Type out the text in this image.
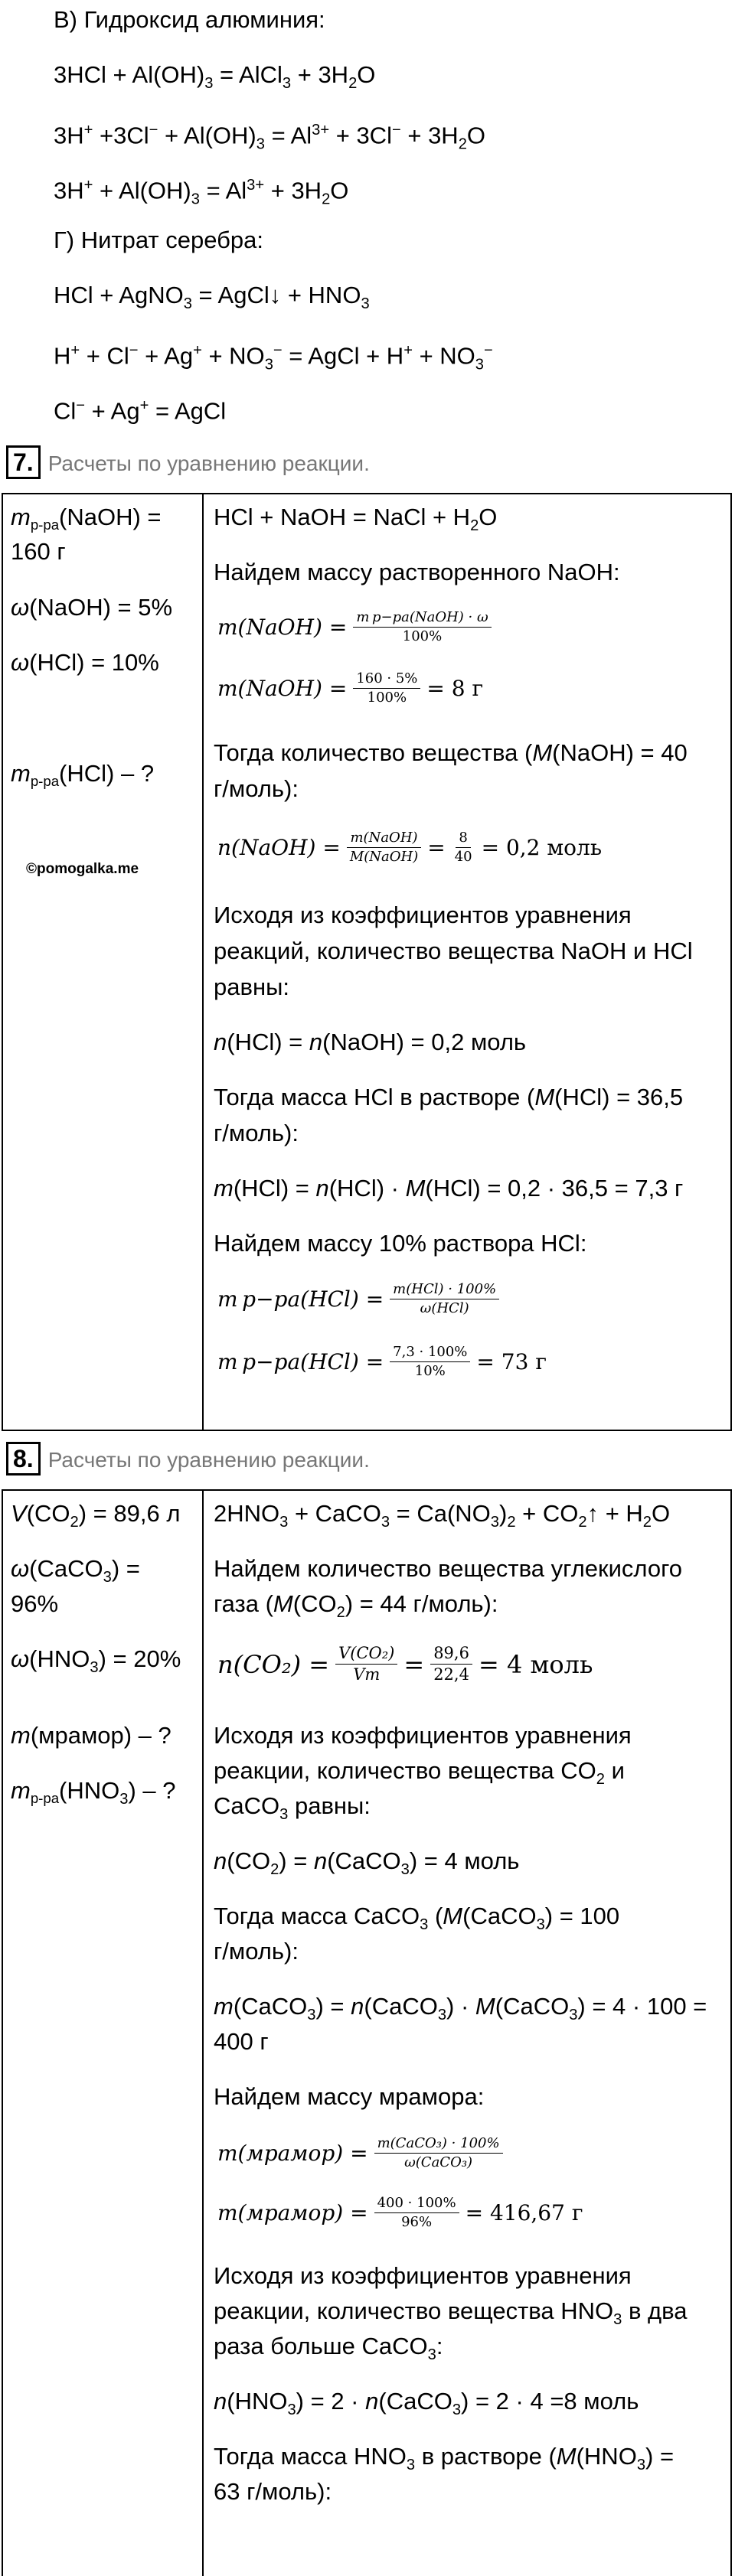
В) Гидроксид алюминия:
$3HCl + Al(OH)_3$ = AlCl$_3$ + $3H_2O$
$3H^+ +3Cl^- + Al(OH)_3 = Al^{3+} + 3Cl^- + 3H_2O$
$3H^+ + Al(OH)_3 = Al^{3+} + 3H_2O$
Г) Нитрат серебра:
HCl + AgNO$_3$ = AgCl↓ + $HNO_3$
$H^+ + Cl^- + Ag^+ + NO_3^-$ = AgCl + $H^+ + NO_3^-$
Cl− + Ag+ = AgCl
7. Расчеты по уравнению реакции.
mр-ра(NaOH) =
160 г
ω(NaOH) = 5%
ω(HCl) = 10%
mр-ра(HCl) – ?
©pomogalka.me
HCl + NaOH = NaCl + $H_2O$
Найдем массу растворенного NaOH:
m(NaOH) = $\frac{\text{m р−ра(NaOH) · ω}}{100\%}$
m(NaOH) = $\frac{160 \cdot 5\%}{100\%} = 8$ г
Тогда количество вещества (M(NaOH) = 40
г/моль):
n(NaOH) = $\frac{\text{m(NaOH)}}{\text{M(NaOH)}} = \frac{8}{40} = 0,2$ моль
Исходя из коэффициентов уравнения
реакций, количество вещества NaOH и HCl
равны:
n(HCl) = n(NaOH) = 0,2 моль
Тогда масса HCl в растворе (M(HCl) = 36,5
г/моль):
m(HCl) = n(HCl) · M(HCl) = 0,2 · 36,5 = 7,3 г
Найдем массу 10% раствора HCl:
m $р-ра(HCl) = \frac{\text{m(HCl) · 100\%}}{\text{ω(HCl)}}$
m $р-ра(HCl) = \frac{7,3 \cdot 100\%}{10\%} = 73$ г
8. Расчеты по уравнению реакции.
$V(CO_2) = 89,6$ л
ω(CaCO$_3$) =
96%
$\omega(HNO_3) = 20\%$
m(мрамор) – ?
$mр-ра(HNO_3)$ – ?
$2HNO_3$ + CaCO$_3$ = $Ca(NO_3)_2$ + $CO_2↑ + H_2O$
Найдем количество вещества углекислого
газа ($M(CO_2) = 44$ г/моль):
$n(CO_2) = \frac{\text{V(CO₂)}}{Vm} = \frac{89,6}{22,4} = 4$ моль
Исходя из коэффициентов уравнения
реакции, количество вещества $CO_2$ и
CaCO$_3$ равны:
$n(CO_2)$ = n(CaCO$_3$) = 4 моль
Тогда масса CaCO$_3$ (M(CaCO$_3$) = 100
г/моль):
m(CaCO$_3$) = n(CaCO$_3$) · M(CaCO$_3$) = 4 · 100 =
400 г
Найдем массу мрамора:
m(мрамор) = $\frac{\text{m(CaCO₃) · 100\%}}{\text{ω(CaCO₃)}}$
m(мрамор) = $\frac{400 \cdot 100\%}{96\%} = 416,67$ г
Исходя из коэффициентов уравнения
реакции, количество вещества $HNO_3$ в два
раза больше CaCO$_3$:
$n(HNO_3) = 2$ · n(CaCO$_3$) = 2 · 4 =8 моль
Тогда масса $HNO_3$ в растворе ($M(HNO_3)$ =
63 г/моль):
